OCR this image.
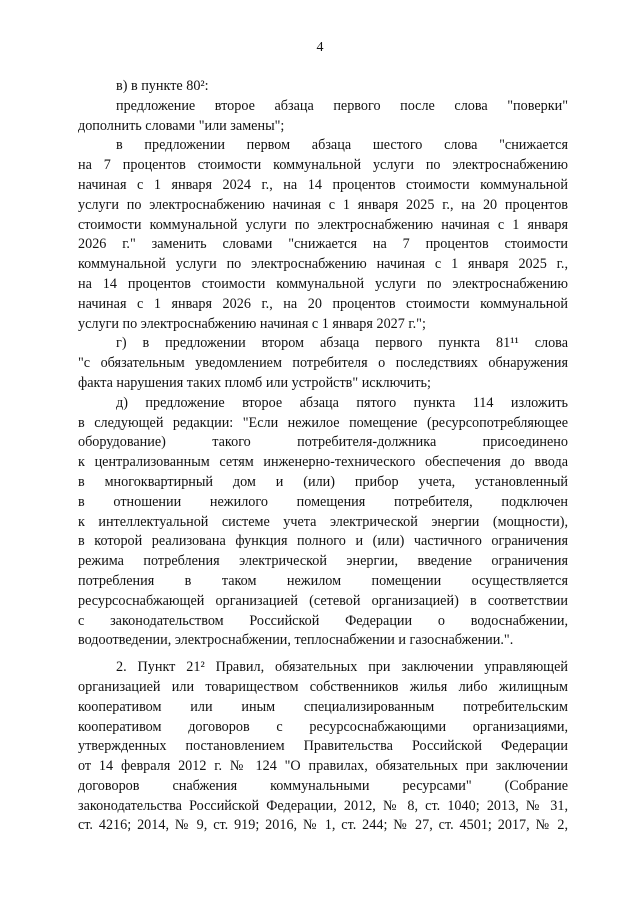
4
в) в пункте 80²:
предложение второе абзаца первого после слова "поверки"
дополнить словами "или замены";
в предложении первом абзаца шестого слова "снижается
на 7 процентов стоимости коммунальной услуги по электроснабжению
начиная с 1 января 2024 г., на 14 процентов стоимости коммунальной
услуги по электроснабжению начиная с 1 января 2025 г., на 20 процентов
стоимости коммунальной услуги по электроснабжению начиная с 1 января
2026 г." заменить словами "снижается на 7 процентов стоимости
коммунальной услуги по электроснабжению начиная с 1 января 2025 г.,
на 14 процентов стоимости коммунальной услуги по электроснабжению
начиная с 1 января 2026 г., на 20 процентов стоимости коммунальной
услуги по электроснабжению начиная с 1 января 2027 г.";
г) в предложении втором абзаца первого пункта 81¹¹ слова
"с обязательным уведомлением потребителя о последствиях обнаружения
факта нарушения таких пломб или устройств" исключить;
д) предложение второе абзаца пятого пункта 114 изложить
в следующей редакции: "Если нежилое помещение (ресурсопотребляющее
оборудование) такого потребителя-должника присоединено
к централизованным сетям инженерно-технического обеспечения до ввода
в многоквартирный дом и (или) прибор учета, установленный
в отношении нежилого помещения потребителя, подключен
к интеллектуальной системе учета электрической энергии (мощности),
в которой реализована функция полного и (или) частичного ограничения
режима потребления электрической энергии, введение ограничения
потребления в таком нежилом помещении осуществляется
ресурсоснабжающей организацией (сетевой организацией) в соответствии
с законодательством Российской Федерации о водоснабжении,
водоотведении, электроснабжении, теплоснабжении и газоснабжении.".
2. Пункт 21² Правил, обязательных при заключении управляющей
организацией или товариществом собственников жилья либо жилищным
кооперативом или иным специализированным потребительским
кооперативом договоров с ресурсоснабжающими организациями,
утвержденных постановлением Правительства Российской Федерации
от 14 февраля 2012 г. № 124 "О правилах, обязательных при заключении
договоров снабжения коммунальными ресурсами" (Собрание
законодательства Российской Федерации, 2012, № 8, ст. 1040; 2013, № 31,
ст. 4216; 2014, № 9, ст. 919; 2016, № 1, ст. 244; № 27, ст. 4501; 2017, № 2,
